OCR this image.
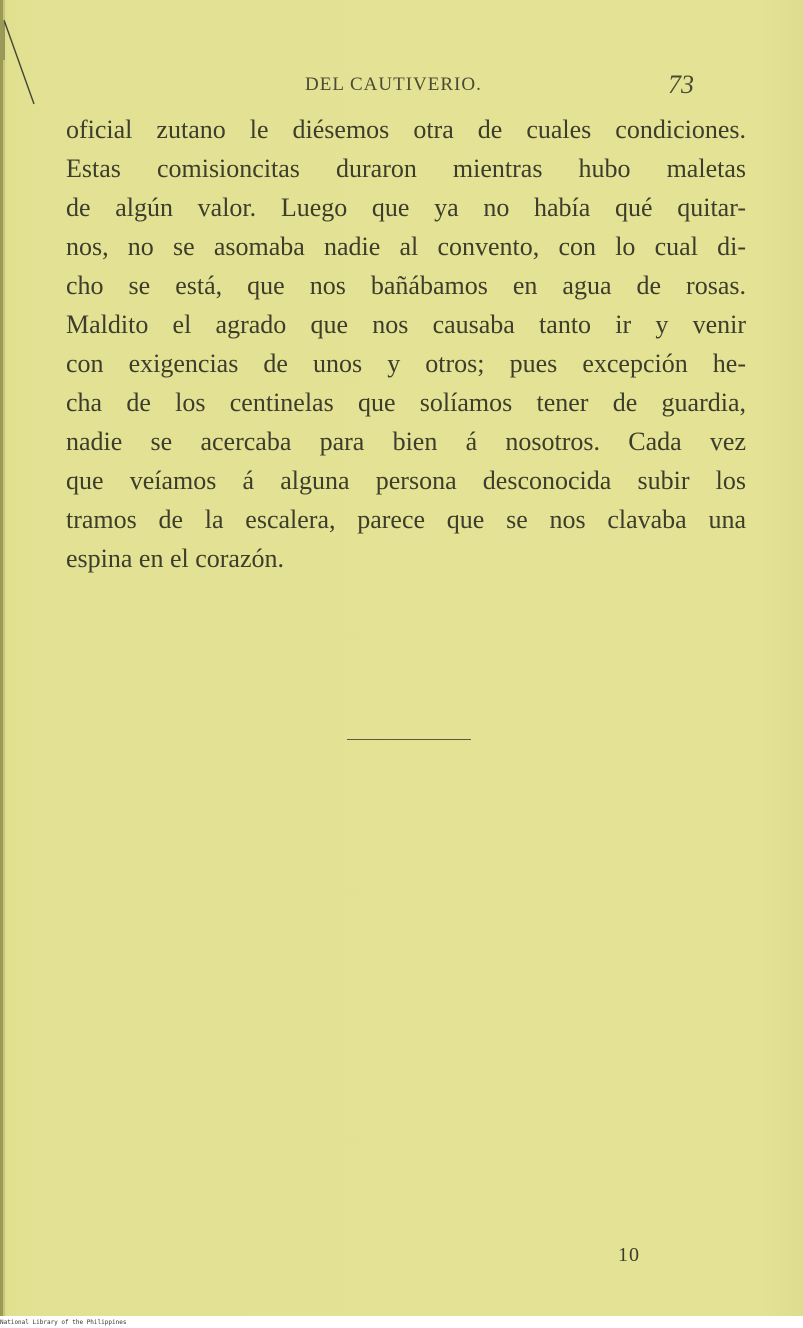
DEL CAUTIVERIO.	73
oficial zutano le diésemos otra de cuales condiciones.
Estas comisioncitas duraron mientras hubo maletas
de algún valor. Luego que ya no había qué quitar-
nos, no se asomaba nadie al convento, con lo cual di-
cho se está, que nos bañábamos en agua de rosas.
Maldito el agrado que nos causaba tanto ir y venir
con exigencias de unos y otros; pues excepción he-
cha de los centinelas que solíamos tener de guardia,
nadie se acercaba para bien á nosotros. Cada vez
que veíamos á alguna persona desconocida subir los
tramos de la escalera, parece que se nos clavaba una
espina en el corazón.
10
National Library of the Philippines
